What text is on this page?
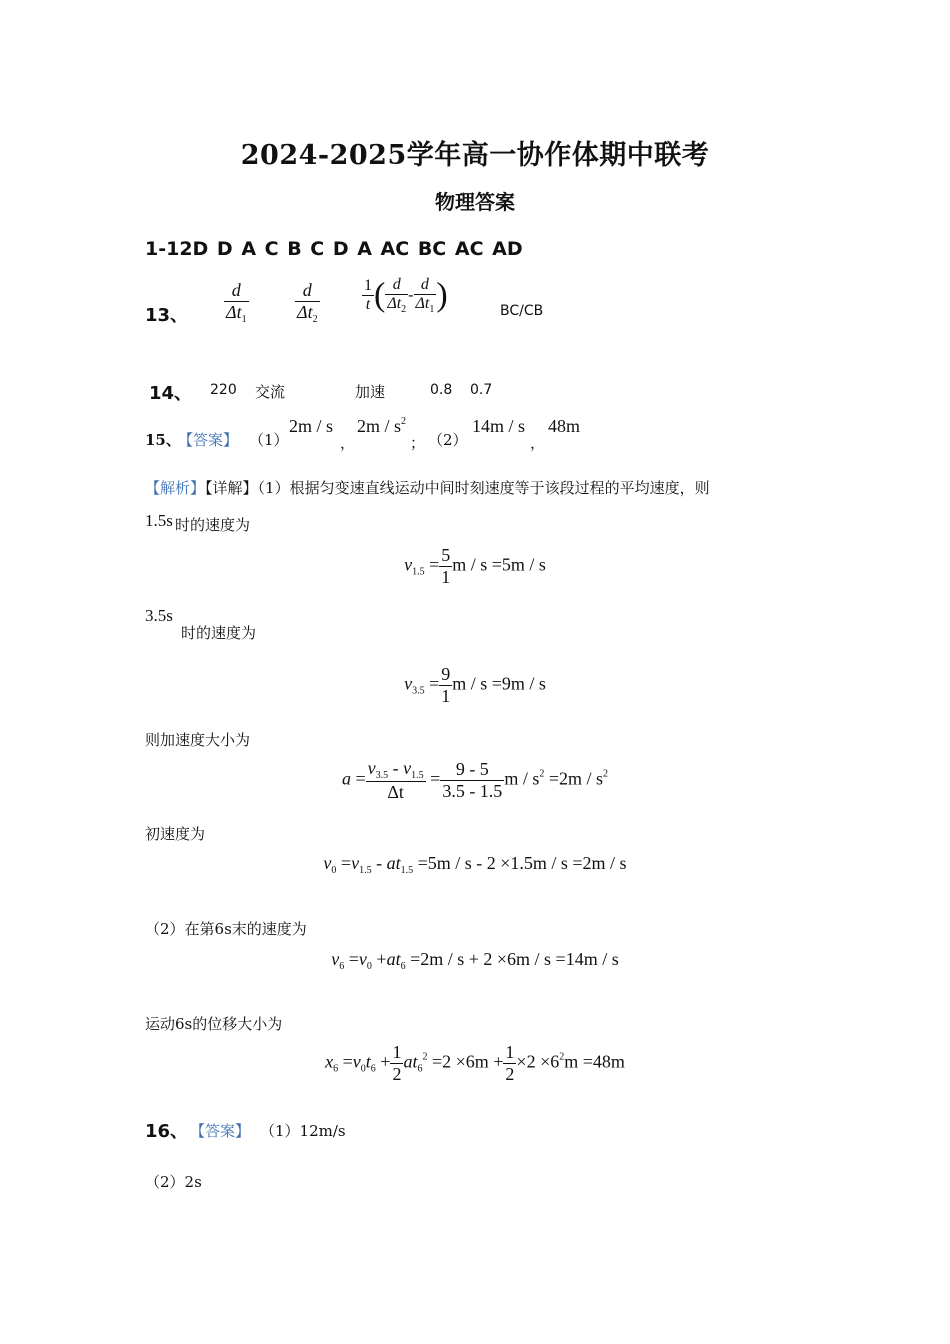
2024-2025学年高一协作体期中联考
物理答案
1-12D D A C B C D A AC BC AC AD
13、 $\frac{d}{\Delta t_1}$	$\frac{d}{\Delta t_2}$	$\frac{1}{t}$ ( $\frac{d}{\Delta t_2} - \frac{d}{\Delta t_1}$ )	BC/CB
14、 220 交流	加速	0.8 0.7
15、
【答案】 （1）
2m / s
，
$2m / s^2$
； （2）
14m / s
，
48m
【解析】【详解】（1）根据匀变速直线运动中间时刻速度等于该段过程的平均速度，则
1.5s 时的速度为
$v_{1.5} = \frac{5}{1}$ m / s =5m / s
3.5s
时的速度为
$v_{3.5} = \frac{9}{1}$ m / s =9m / s
则加速度大小为
$a = \frac{v_{3.5} - v_{1.5}}{\Delta t} = \frac{9 - 5}{3.5 - 1.5}$ $m / s^2 =2m / s^2$
初速度为
$v_0 =v_{1.5} - at_{1.5} =5m / s - 2 \times 1.5m / s =2m / s$
（2）在第6s末的速度为
$v_6 =v_0 +at_6 =2m / s + 2 \times 6m / s =14m / s$
运动6s的位移大小为
$x_6 =v_0t_6 + \frac{1}{2} at_6^2 =2 \times 6m + \frac{1}{2} \times 2 \times 6^2m =48m$
16、 【答案】 （1）12m/s
（2）2s
